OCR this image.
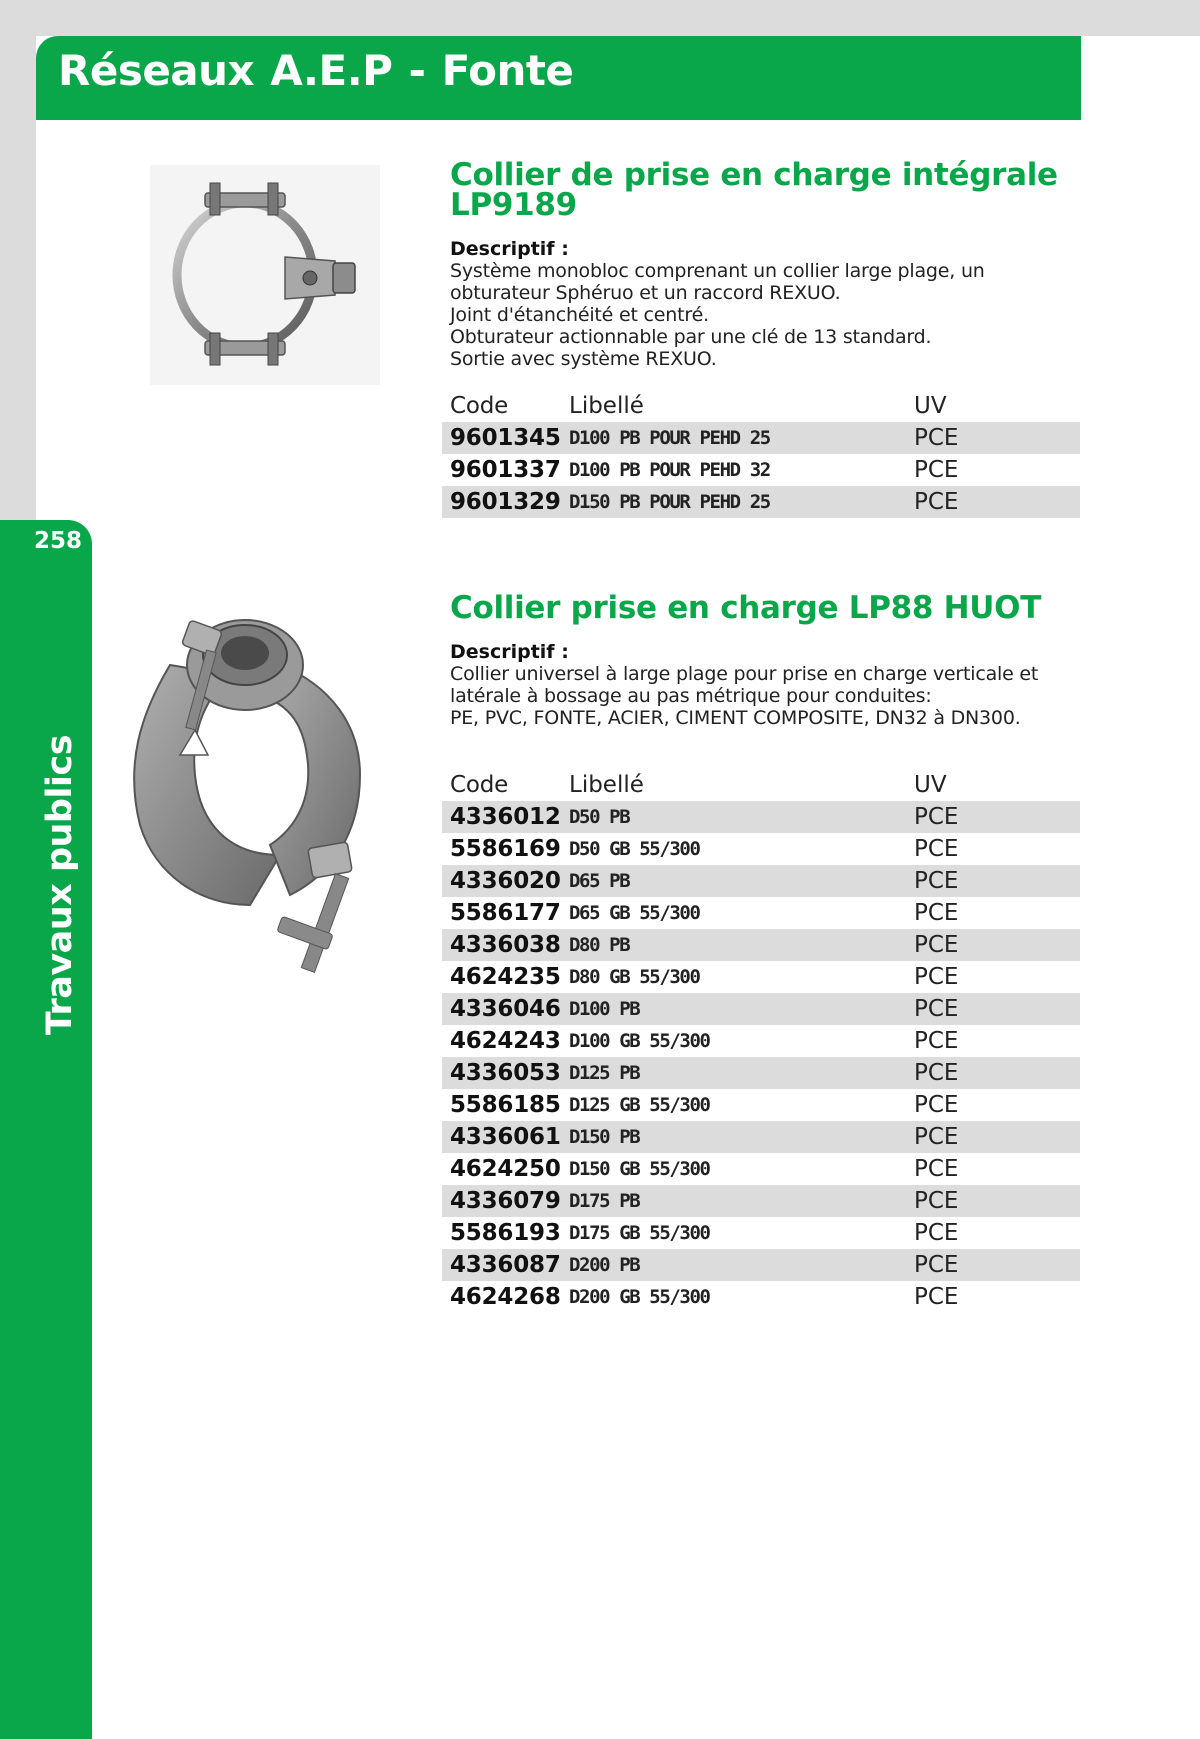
Réseaux A.E.P - Fonte
258
Travaux publics
Collier de prise en charge intégrale
LP9189
Descriptif :
Système monobloc comprenant un collier large plage, un
obturateur Sphéruo et un raccord REXUO.
Joint d'étanchéité et centré.
Obturateur actionnable par une clé de 13 standard.
Sortie avec système REXUO.
Code	Libellé	UV
9601345 D100 PB POUR PEHD 25	PCE
9601337 D100 PB POUR PEHD 32	PCE
9601329 D150 PB POUR PEHD 25	PCE
Collier prise en charge LP88 HUOT
Descriptif :
Collier universel à large plage pour prise en charge verticale et
latérale à bossage au pas métrique pour conduites:
PE, PVC, FONTE, ACIER, CIMENT COMPOSITE, DN32 à DN300.
Code	Libellé	UV
4336012 D50 PB	PCE
5586169 D50 GB 55/300	PCE
4336020 D65 PB	PCE
5586177 D65 GB 55/300	PCE
4336038 D80 PB	PCE
4624235 D80 GB 55/300	PCE
4336046 D100 PB	PCE
4624243 D100 GB 55/300	PCE
4336053 D125 PB	PCE
5586185 D125 GB 55/300	PCE
4336061 D150 PB	PCE
4624250 D150 GB 55/300	PCE
4336079 D175 PB	PCE
5586193 D175 GB 55/300	PCE
4336087 D200 PB	PCE
4624268 D200 GB 55/300	PCE
